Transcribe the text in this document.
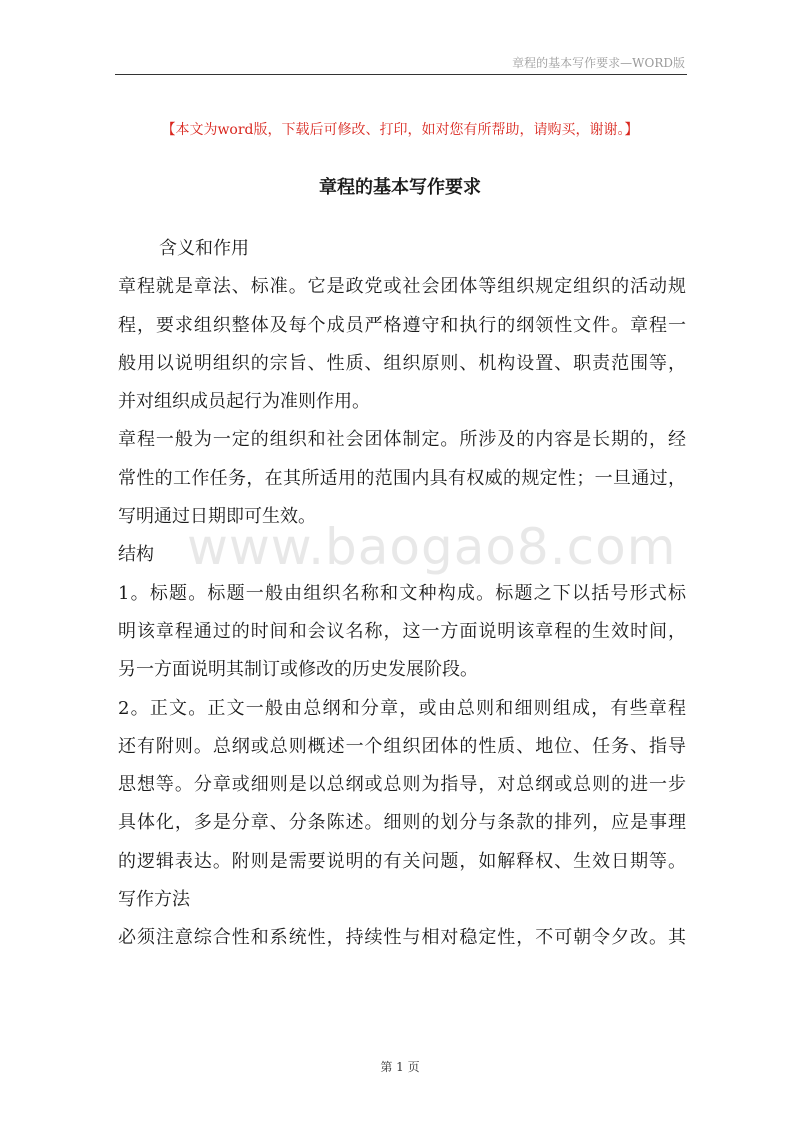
章程的基本写作要求—WORD版
【本文为word版，下载后可修改、打印，如对您有所帮助，请购买，谢谢。】
章程的基本写作要求
含义和作用
章程就是章法、标准。它是政党或社会团体等组织规定组织的活动规
程，要求组织整体及每个成员严格遵守和执行的纲领性文件。章程一
般用以说明组织的宗旨、性质、组织原则、机构设置、职责范围等，
并对组织成员起行为准则作用。
章程一般为一定的组织和社会团体制定。所涉及的内容是长期的，经
常性的工作任务，在其所适用的范围内具有权威的规定性；一旦通过，
写明通过日期即可生效。
结构
1。标题。标题一般由组织名称和文种构成。标题之下以括号形式标
明该章程通过的时间和会议名称，这一方面说明该章程的生效时间，
另一方面说明其制订或修改的历史发展阶段。
2。正文。正文一般由总纲和分章，或由总则和细则组成，有些章程
还有附则。总纲或总则概述一个组织团体的性质、地位、任务、指导
思想等。分章或细则是以总纲或总则为指导，对总纲或总则的进一步
具体化，多是分章、分条陈述。细则的划分与条款的排列，应是事理
的逻辑表达。附则是需要说明的有关问题，如解释权、生效日期等。
写作方法
必须注意综合性和系统性，持续性与相对稳定性，不可朝令夕改。其
www.baogao8.com
第 1 页
